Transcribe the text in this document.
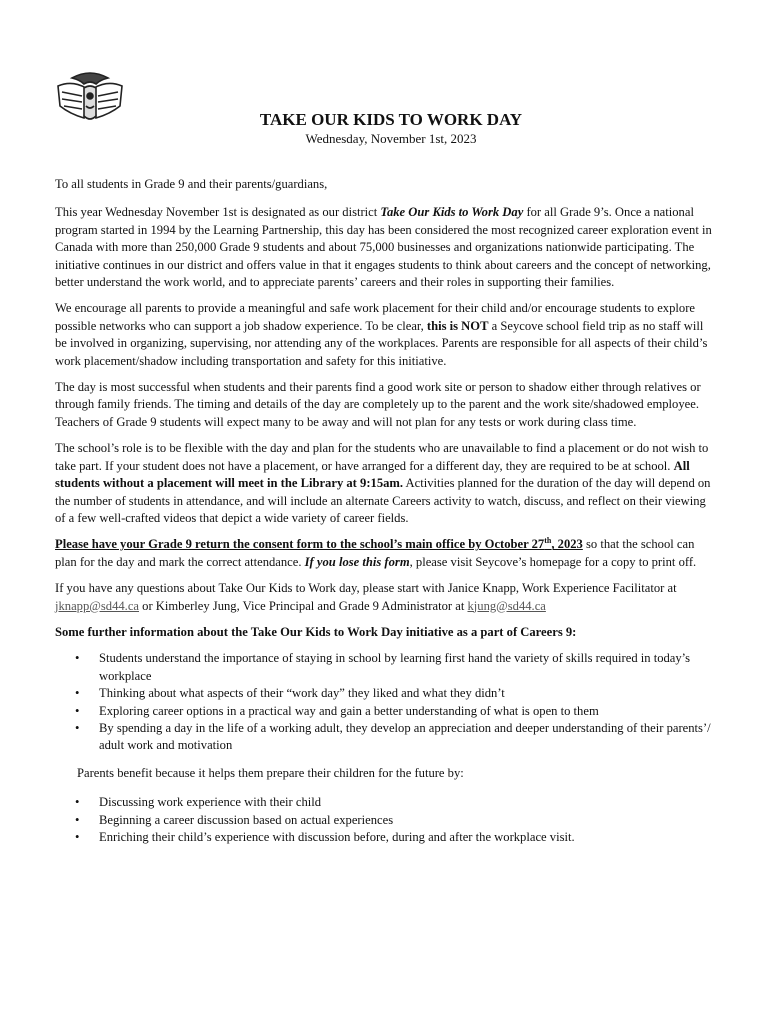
TAKE OUR KIDS TO WORK DAY
Wednesday, November 1st, 2023

To all students in Grade 9 and their parents/guardians,

This year Wednesday November 1st is designated as our district Take Our Kids to Work Day for all Grade 9’s. Once a national program started in 1994 by the Learning Partnership, this day has been considered the most recognized career exploration event in Canada with more than 250,000 Grade 9 students and about 75,000 businesses and organizations nationwide participating. The initiative continues in our district and offers value in that it engages students to think about careers and the concept of networking, better understand the work world, and to appreciate parents’ careers and their roles in supporting their families.

We encourage all parents to provide a meaningful and safe work placement for their child and/or encourage students to explore possible networks who can support a job shadow experience. To be clear, this is NOT a Seycove school field trip as no staff will be involved in organizing, supervising, nor attending any of the workplaces. Parents are responsible for all aspects of their child’s work placement/shadow including transportation and safety for this initiative.

The day is most successful when students and their parents find a good work site or person to shadow either through relatives or through family friends. The timing and details of the day are completely up to the parent and the work site/shadowed employee. Teachers of Grade 9 students will expect many to be away and will not plan for any tests or work during class time.

The school’s role is to be flexible with the day and plan for the students who are unavailable to find a placement or do not wish to take part. If your student does not have a placement, or have arranged for a different day, they are required to be at school. All students without a placement will meet in the Library at 9:15am. Activities planned for the duration of the day will depend on the number of students in attendance, and will include an alternate Careers activity to watch, discuss, and reflect on their viewing of a few well-crafted videos that depict a wide variety of career fields.

Please have your Grade 9 return the consent form to the school’s main office by October 27th, 2023 so that the school can plan for the day and mark the correct attendance. If you lose this form, please visit Seycove’s homepage for a copy to print off.

If you have any questions about Take Our Kids to Work day, please start with Janice Knapp, Work Experience Facilitator at jknapp@sd44.ca or Kimberley Jung, Vice Principal and Grade 9 Administrator at kjung@sd44.ca

Some further information about the Take Our Kids to Work Day initiative as a part of Careers 9:

• Students understand the importance of staying in school by learning first hand the variety of skills required in today’s workplace
• Thinking about what aspects of their “work day” they liked and what they didn’t
• Exploring career options in a practical way and gain a better understanding of what is open to them
• By spending a day in the life of a working adult, they develop an appreciation and deeper understanding of their parents’/ adult work and motivation

Parents benefit because it helps them prepare their children for the future by:

• Discussing work experience with their child
• Beginning a career discussion based on actual experiences
• Enriching their child’s experience with discussion before, during and after the workplace visit.
